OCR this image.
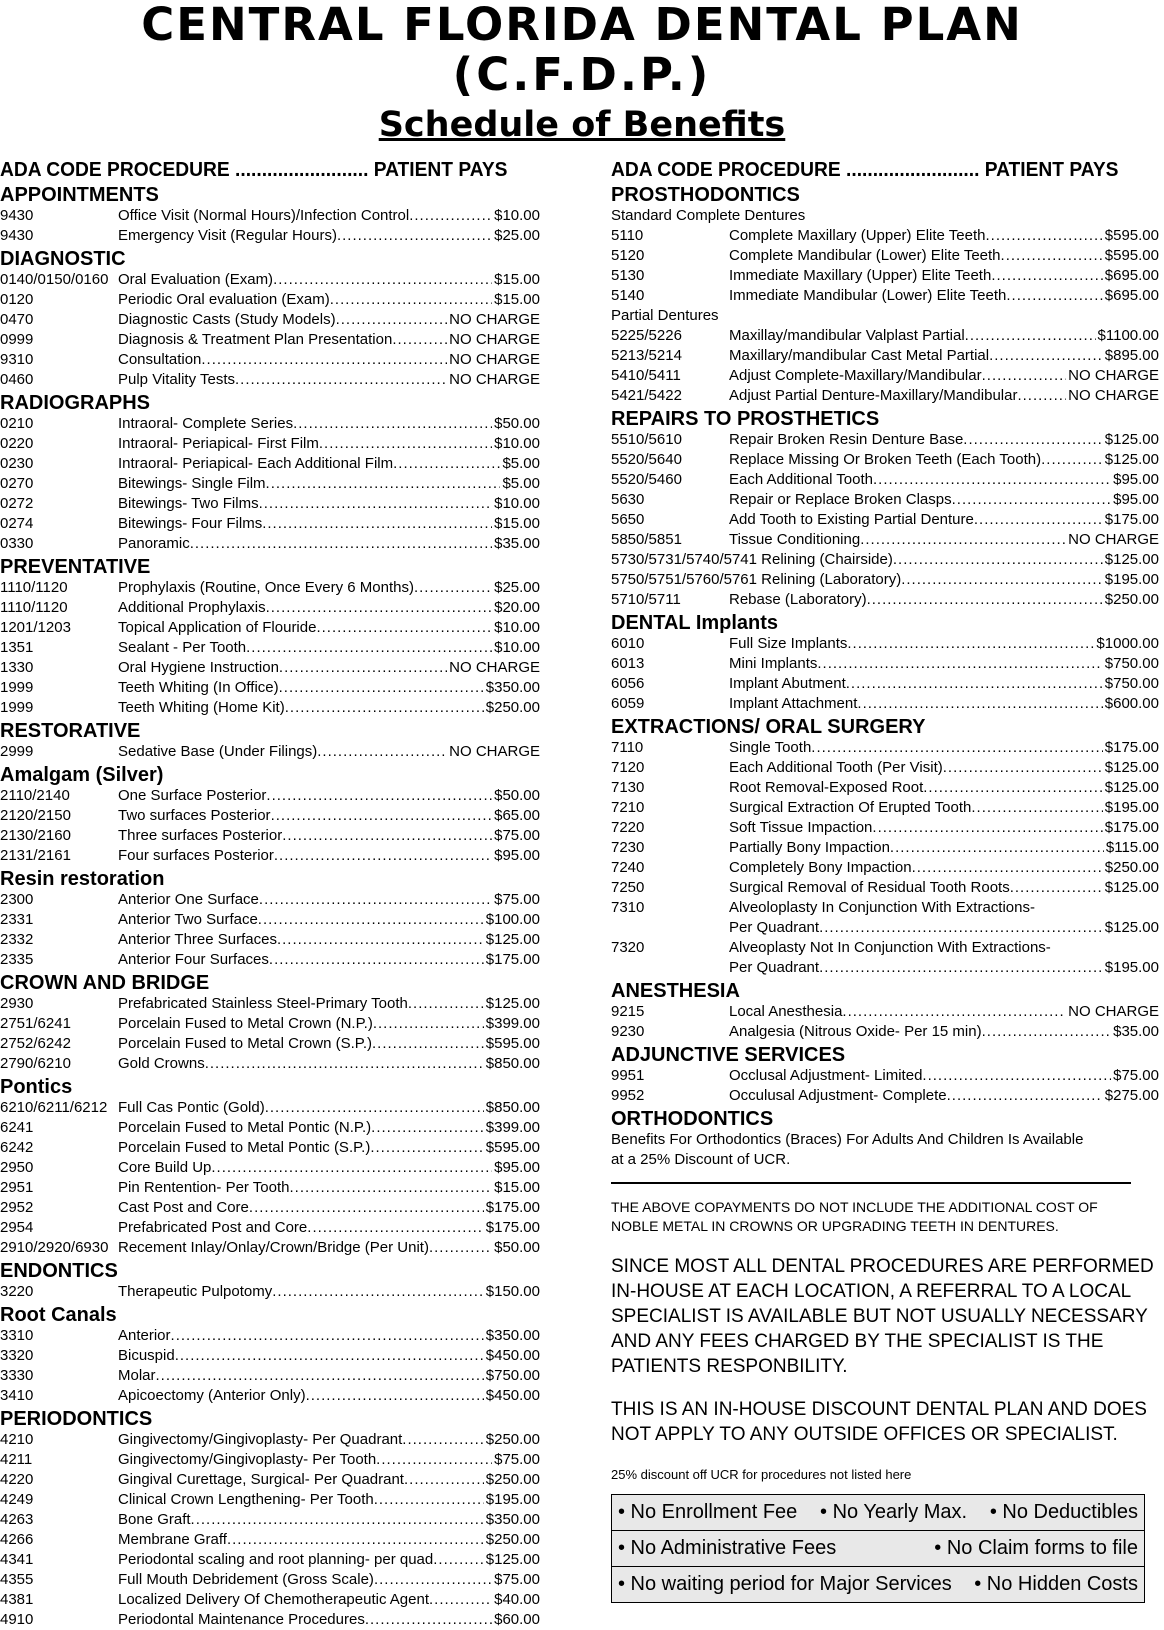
CENTRAL FLORIDA DENTAL PLAN
(C.F.D.P.)
Schedule of Benefits
ADA CODE PROCEDURE ......................... PATIENT PAYS
APPOINTMENTS
9430	Office Visit (Normal Hours)/Infection Control .....	$10.00
9430	Emergency Visit (Regular Hours) .....	$25.00
DIAGNOSTIC
0140/0150/0160 Oral Evaluation (Exam) .....	$15.00
0120	Periodic Oral evaluation (Exam) .....	$15.00
0470	Diagnostic Casts (Study Models) .....	NO CHARGE
0999	Diagnosis & Treatment Plan Presentation .....	NO CHARGE
9310	Consultation .....	NO CHARGE
0460	Pulp Vitality Tests .....	NO CHARGE
RADIOGRAPHS
0210	Intraoral- Complete Series .....	$50.00
0220	Intraoral- Periapical- First Film .....	$10.00
0230	Intraoral- Periapical- Each Additional Film .....	$5.00
0270	Bitewings- Single Film .....	$5.00
0272	Bitewings- Two Films .....	$10.00
0274	Bitewings- Four Films .....	$15.00
0330	Panoramic .....	$35.00
PREVENTATIVE
1110/1120	Prophylaxis (Routine, Once Every 6 Months) .....	$25.00
1110/1120	Additional Prophylaxis .....	$20.00
1201/1203	Topical Application of Flouride .....	$10.00
1351	Sealant - Per Tooth .....	$10.00
1330	Oral Hygiene Instruction .....	NO CHARGE
1999	Teeth Whiting (In Office) .....	$350.00
1999	Teeth Whiting (Home Kit) .....	$250.00
RESTORATIVE
2999	Sedative Base (Under Filings) .....	NO CHARGE
Amalgam (Silver)
2110/2140	One Surface Posterior .....	$50.00
2120/2150	Two surfaces Posterior .....	$65.00
2130/2160	Three surfaces Posterior .....	$75.00
2131/2161	Four surfaces Posterior .....	$95.00
Resin restoration
2300	Anterior One Surface .....	$75.00
2331	Anterior Two Surface .....	$100.00
2332	Anterior Three Surfaces .....	$125.00
2335	Anterior Four Surfaces .....	$175.00
CROWN AND BRIDGE
2930	Prefabricated Stainless Steel-Primary Tooth .....	$125.00
2751/6241	Porcelain Fused to Metal Crown (N.P.) .....	$399.00
2752/6242	Porcelain Fused to Metal Crown (S.P.) .....	$595.00
2790/6210	Gold Crowns .....	$850.00
Pontics
6210/6211/6212 Full Cas Pontic (Gold) .....	$850.00
6241	Porcelain Fused to Metal Pontic (N.P.) .....	$399.00
6242	Porcelain Fused to Metal Pontic (S.P.) .....	$595.00
2950	Core Build Up .....	$95.00
2951	Pin Rentention- Per Tooth .....	$15.00
2952	Cast Post and Core .....	$175.00
2954	Prefabricated Post and Core .....	$175.00
2910/2920/6930 Recement Inlay/Onlay/Crown/Bridge (Per Unit) .....	$50.00
ENDONTICS
3220	Therapeutic Pulpotomy .....	$150.00
Root Canals
3310	Anterior .....	$350.00
3320	Bicuspid .....	$450.00
3330	Molar .....	$750.00
3410	Apicoectomy (Anterior Only) .....	$450.00
PERIODONTICS
4210	Gingivectomy/Gingivoplasty- Per Quadrant .....	$250.00
4211	Gingivectomy/Gingivoplasty- Per Tooth .....	$75.00
4220	Gingival Curettage, Surgical- Per Quadrant .....	$250.00
4249	Clinical Crown Lengthening- Per Tooth .....	$195.00
4263	Bone Graft .....	$350.00
4266	Membrane Graff .....	$250.00
4341	Periodontal scaling and root planning- per quad .....	$125.00
4355	Full Mouth Debridement (Gross Scale) .....	$75.00
4381	Localized Delivery Of Chemotherapeutic Agent .....	$40.00
4910	Periodontal Maintenance Procedures .....	$60.00
ADA CODE PROCEDURE ......................... PATIENT PAYS
PROSTHODONTICS
Standard Complete Dentures
5110	Complete Maxillary (Upper) Elite Teeth .....	$595.00
5120	Complete Mandibular (Lower) Elite Teeth .....	$595.00
5130	Immediate Maxillary (Upper) Elite Teeth .....	$695.00
5140	Immediate Mandibular (Lower) Elite Teeth .....	$695.00
Partial Dentures
5225/5226	Maxillay/mandibular Valplast Partial .....	$1100.00
5213/5214	Maxillary/mandibular Cast Metal Partial .....	$895.00
5410/5411	Adjust Complete-Maxillary/Mandibular .....	NO CHARGE
5421/5422	Adjust Partial Denture-Maxillary/Mandibular .....	NO CHARGE
REPAIRS TO PROSTHETICS
5510/5610	Repair Broken Resin Denture Base .....	$125.00
5520/5640	Replace Missing Or Broken Teeth (Each Tooth) .....	$125.00
5520/5460	Each Additional Tooth .....	$95.00
5630	Repair or Replace Broken Clasps .....	$95.00
5650	Add Tooth to Existing Partial Denture .....	$175.00
5850/5851	Tissue Conditioning .....	NO CHARGE
5730/5731/5740/5741 Relining (Chairside) .....	$125.00
5750/5751/5760/5761 Relining (Laboratory) .....	$195.00
5710/5711	Rebase (Laboratory) .....	$250.00
DENTAL Implants
6010	Full Size Implants .....	$1000.00
6013	Mini Implants .....	$750.00
6056	Implant Abutment .....	$750.00
6059	Implant Attachment .....	$600.00
EXTRACTIONS/ ORAL SURGERY
7110	Single Tooth .....	$175.00
7120	Each Additional Tooth (Per Visit) .....	$125.00
7130	Root Removal-Exposed Root .....	$125.00
7210	Surgical Extraction Of Erupted Tooth .....	$195.00
7220	Soft Tissue Impaction .....	$175.00
7230	Partially Bony Impaction .....	$115.00
7240	Completely Bony Impaction .....	$250.00
7250	Surgical Removal of Residual Tooth Roots .....	$125.00
7310	Alveoloplasty In Conjunction With Extractions-
Per Quadrant .....	$125.00
7320	Alveoplasty Not In Conjunction With Extractions-
Per Quadrant .....	$195.00
ANESTHESIA
9215	Local Anesthesia .....	NO CHARGE
9230	Analgesia (Nitrous Oxide- Per 15 min) .....	$35.00
ADJUNCTIVE SERVICES
9951	Occlusal Adjustment- Limited .....	$75.00
9952	Occulusal Adjustment- Complete .....	$275.00
ORTHODONTICS
Benefits For Orthodontics (Braces) For Adults And Children Is Available
at a 25% Discount of UCR.
THE ABOVE COPAYMENTS DO NOT INCLUDE THE ADDITIONAL COST OF
NOBLE METAL IN CROWNS OR UPGRADING TEETH IN DENTURES.
SINCE MOST ALL DENTAL PROCEDURES ARE PERFORMED
IN-HOUSE AT EACH LOCATION, A REFERRAL TO A LOCAL
SPECIALIST IS AVAILABLE BUT NOT USUALLY NECESSARY
AND ANY FEES CHARGED BY THE SPECIALIST IS THE
PATIENTS RESPONBILITY.
THIS IS AN IN-HOUSE DISCOUNT DENTAL PLAN AND DOES
NOT APPLY TO ANY OUTSIDE OFFICES OR SPECIALIST.
25% discount off UCR for procedures not listed here
• No Enrollment Fee • No Yearly Max. • No Deductibles
• No Administrative Fees	• No Claim forms to file
• No waiting period for Major Services • No Hidden Costs
